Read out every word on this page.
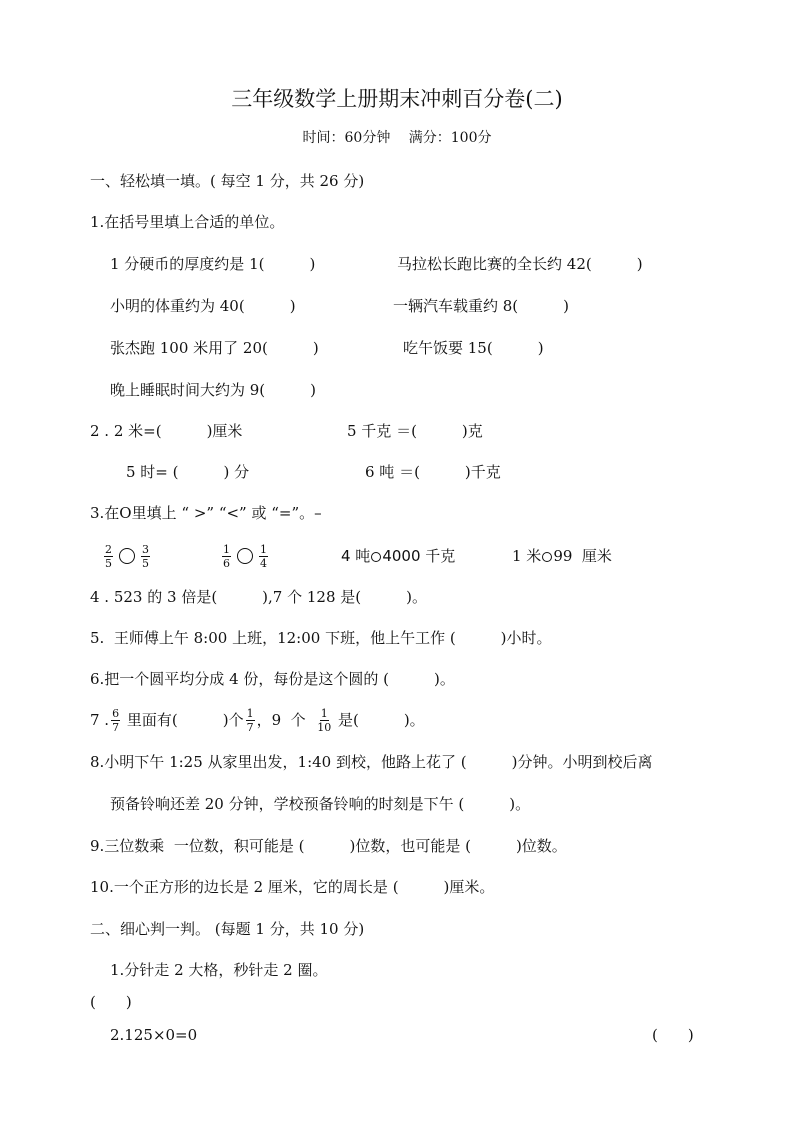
三年级数学上册期末冲刺百分卷(二)
时间：60分钟　 满分：100分
一、轻松填一填。( 每空 1 分，共 26 分)
1.在括号里填上合适的单位。
1 分硬币的厚度约是 1(　　　)	马拉松长跑比赛的全长约 42(　　　)
小明的体重约为 40(　　　)	一辆汽车载重约 8(　　　)
张杰跑 100 米用了 20(　　　)	吃午饭要 15(　　　)
晚上睡眠时间大约为 9(　　　)
2 . 2 米=(　　　)厘米	5 千克 ＝(　　　)克
5 时= (　　　) 分	6 吨 ＝(　　　)千克
3.在O里填上 “ >” “<” 或 “=”。–
$\frac{2}{5}$	$\frac{3}{5}$	$\frac{1}{6}$	$\frac{1}{4}$	4 吨 4000 千克	1 米 99  厘米
4 . 523 的 3 倍是(　　　),7 个 128 是(　　　)。
5.  王师傅上午 8:00 上班，12:00 下班，他上午工作 (　　　)小时。
6.把一个圆平均分成 4 份，每份是这个圆的 (　　　)。
7 . $\frac{6}{7}$ 里面有(　　　)个 $\frac{1}{7}$ ，9  个 $\frac{1}{10}$ 是(　　　)。
8.小明下午 1:25 从家里出发，1:40 到校，他路上花了 (　　　)分钟。小明到校后离
预备铃响还差 20 分钟，学校预备铃响的时刻是下午 (　　　)。
9.三位数乘  一位数，积可能是 (　　　)位数，也可能是 (　　　)位数。
10.一个正方形的边长是 2 厘米，它的周长是 (　　　)厘米。
二、细心判一判。 (每题 1 分，共 10 分)
1.分针走 2 大格，秒针走 2 圈。
(　　)
2.125×0=0	(　　)
